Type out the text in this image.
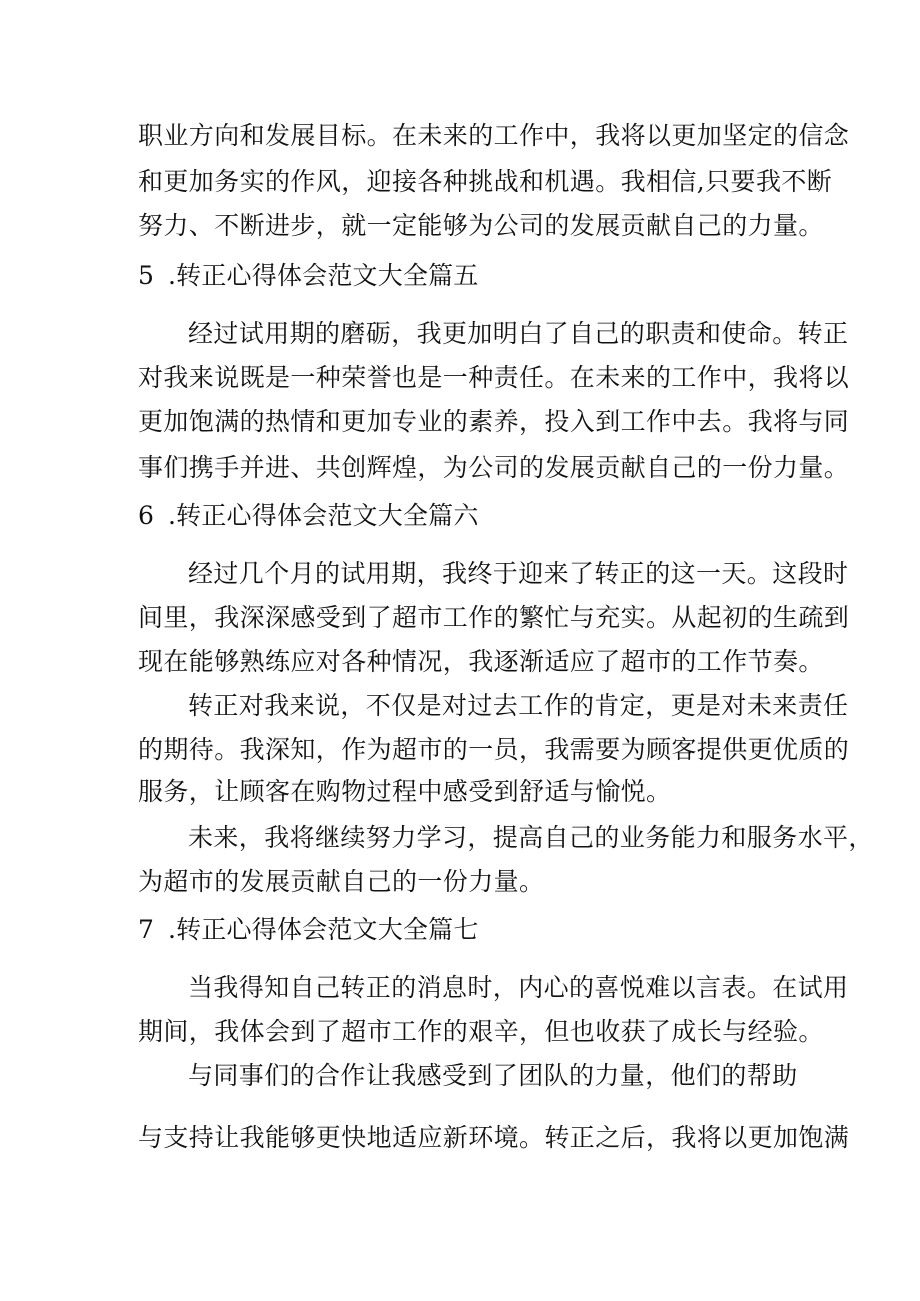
职业方向和发展目标。在未来的工作中，我将以更加坚定的信念
和更加务实的作风，迎接各种挑战和机遇。我相信,只要我不断
努力、不断进步，就一定能够为公司的发展贡献自己的力量。
5 .转正心得体会范文大全篇五
经过试用期的磨砺，我更加明白了自己的职责和使命。转正
对我来说既是一种荣誉也是一种责任。在未来的工作中，我将以
更加饱满的热情和更加专业的素养，投入到工作中去。我将与同
事们携手并进、共创辉煌，为公司的发展贡献自己的一份力量。
6 .转正心得体会范文大全篇六
经过几个月的试用期，我终于迎来了转正的这一天。这段时
间里，我深深感受到了超市工作的繁忙与充实。从起初的生疏到
现在能够熟练应对各种情况，我逐渐适应了超市的工作节奏。
转正对我来说，不仅是对过去工作的肯定，更是对未来责任
的期待。我深知，作为超市的一员，我需要为顾客提供更优质的
服务，让顾客在购物过程中感受到舒适与愉悦。
未来，我将继续努力学习，提高自己的业务能力和服务水平，
为超市的发展贡献自己的一份力量。
7 .转正心得体会范文大全篇七
当我得知自己转正的消息时，内心的喜悦难以言表。在试用
期间，我体会到了超市工作的艰辛，但也收获了成长与经验。
与同事们的合作让我感受到了团队的力量，他们的帮助
与支持让我能够更快地适应新环境。转正之后，我将以更加饱满
